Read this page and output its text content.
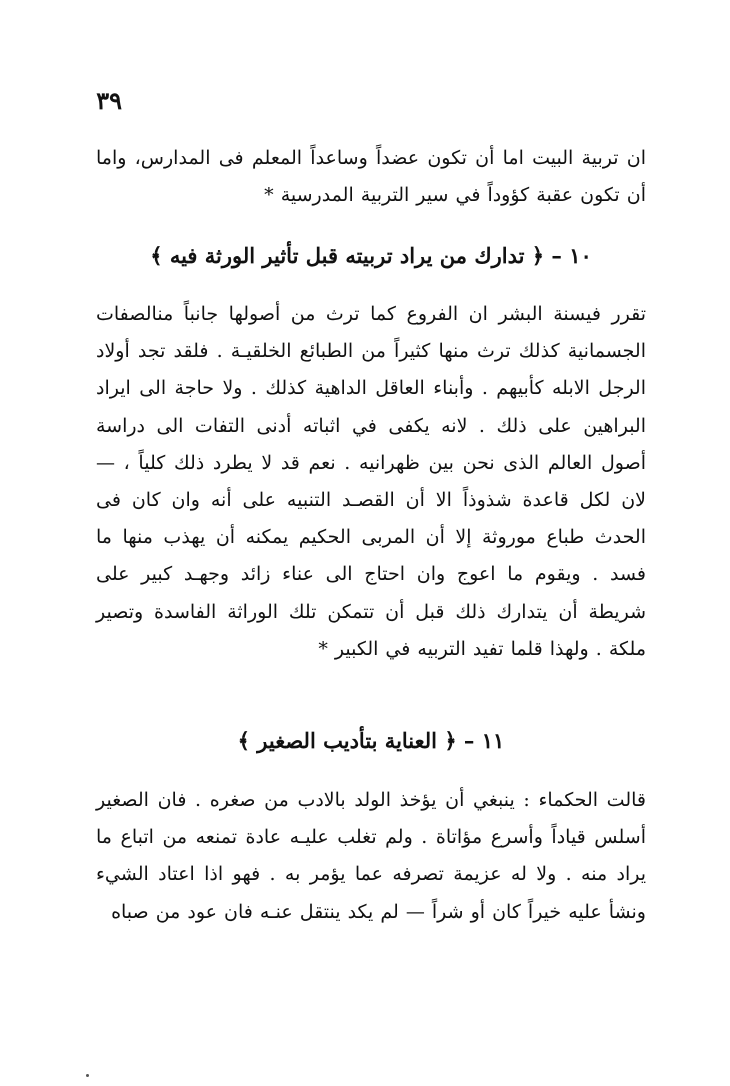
٣٩
ان تربية البيت اما أن تكون عضداً وساعداً المعلم فى المدارس، واما أن تكون عقبة كؤوداً في سير التربية المدرسية *
١٠ – ﴿ تدارك من يراد تربيته قبل تأثير الورثة فيه ﴾
تقرر فيسنة البشر ان الفروع كما ترث من أصولها جانباً منالصفات الجسمانية كذلك ترث منها كثيراً من الطبائع الخلقيـة . فلقد تجد أولاد الرجل الابله كأبيهم . وأبناء العاقل الداهية كذلك . ولا حاجة الى ايراد البراهين على ذلك . لانه يكفى في اثباته أدنى التفات الى دراسة أصول العالم الذى نحن بين ظهرانيه . نعم قد لا يطرد ذلك كلياً ، — لان لكل قاعدة شذوذاً الا أن القصـد التنبيه على أنه وان كان فى الحدث طباع موروثة إلا أن المربى الحكيم يمكنه أن يهذب منها ما فسد . ويقوم ما اعوج وان احتاج الى عناء زائد وجهـد كبير على شريطة أن يتدارك ذلك قبل أن تتمكن تلك الوراثة الفاسدة وتصير ملكة . ولهذا قلما تفيد التربيه في الكبير *
١١ – ﴿ العناية بتأديب الصغير ﴾
قالت الحكماء : ينبغي أن يؤخذ الولد بالادب من صغره . فان الصغير أسلس قياداً وأسرع مؤاتاة . ولم تغلب عليـه عادة تمنعه من اتباع ما يراد منه . ولا له عزيمة تصرفه عما يؤمر به . فهو اذا اعتاد الشيء ونشأ عليه خيراً كان أو شراً — لم يكد ينتقل عنـه فان عود من صباه
